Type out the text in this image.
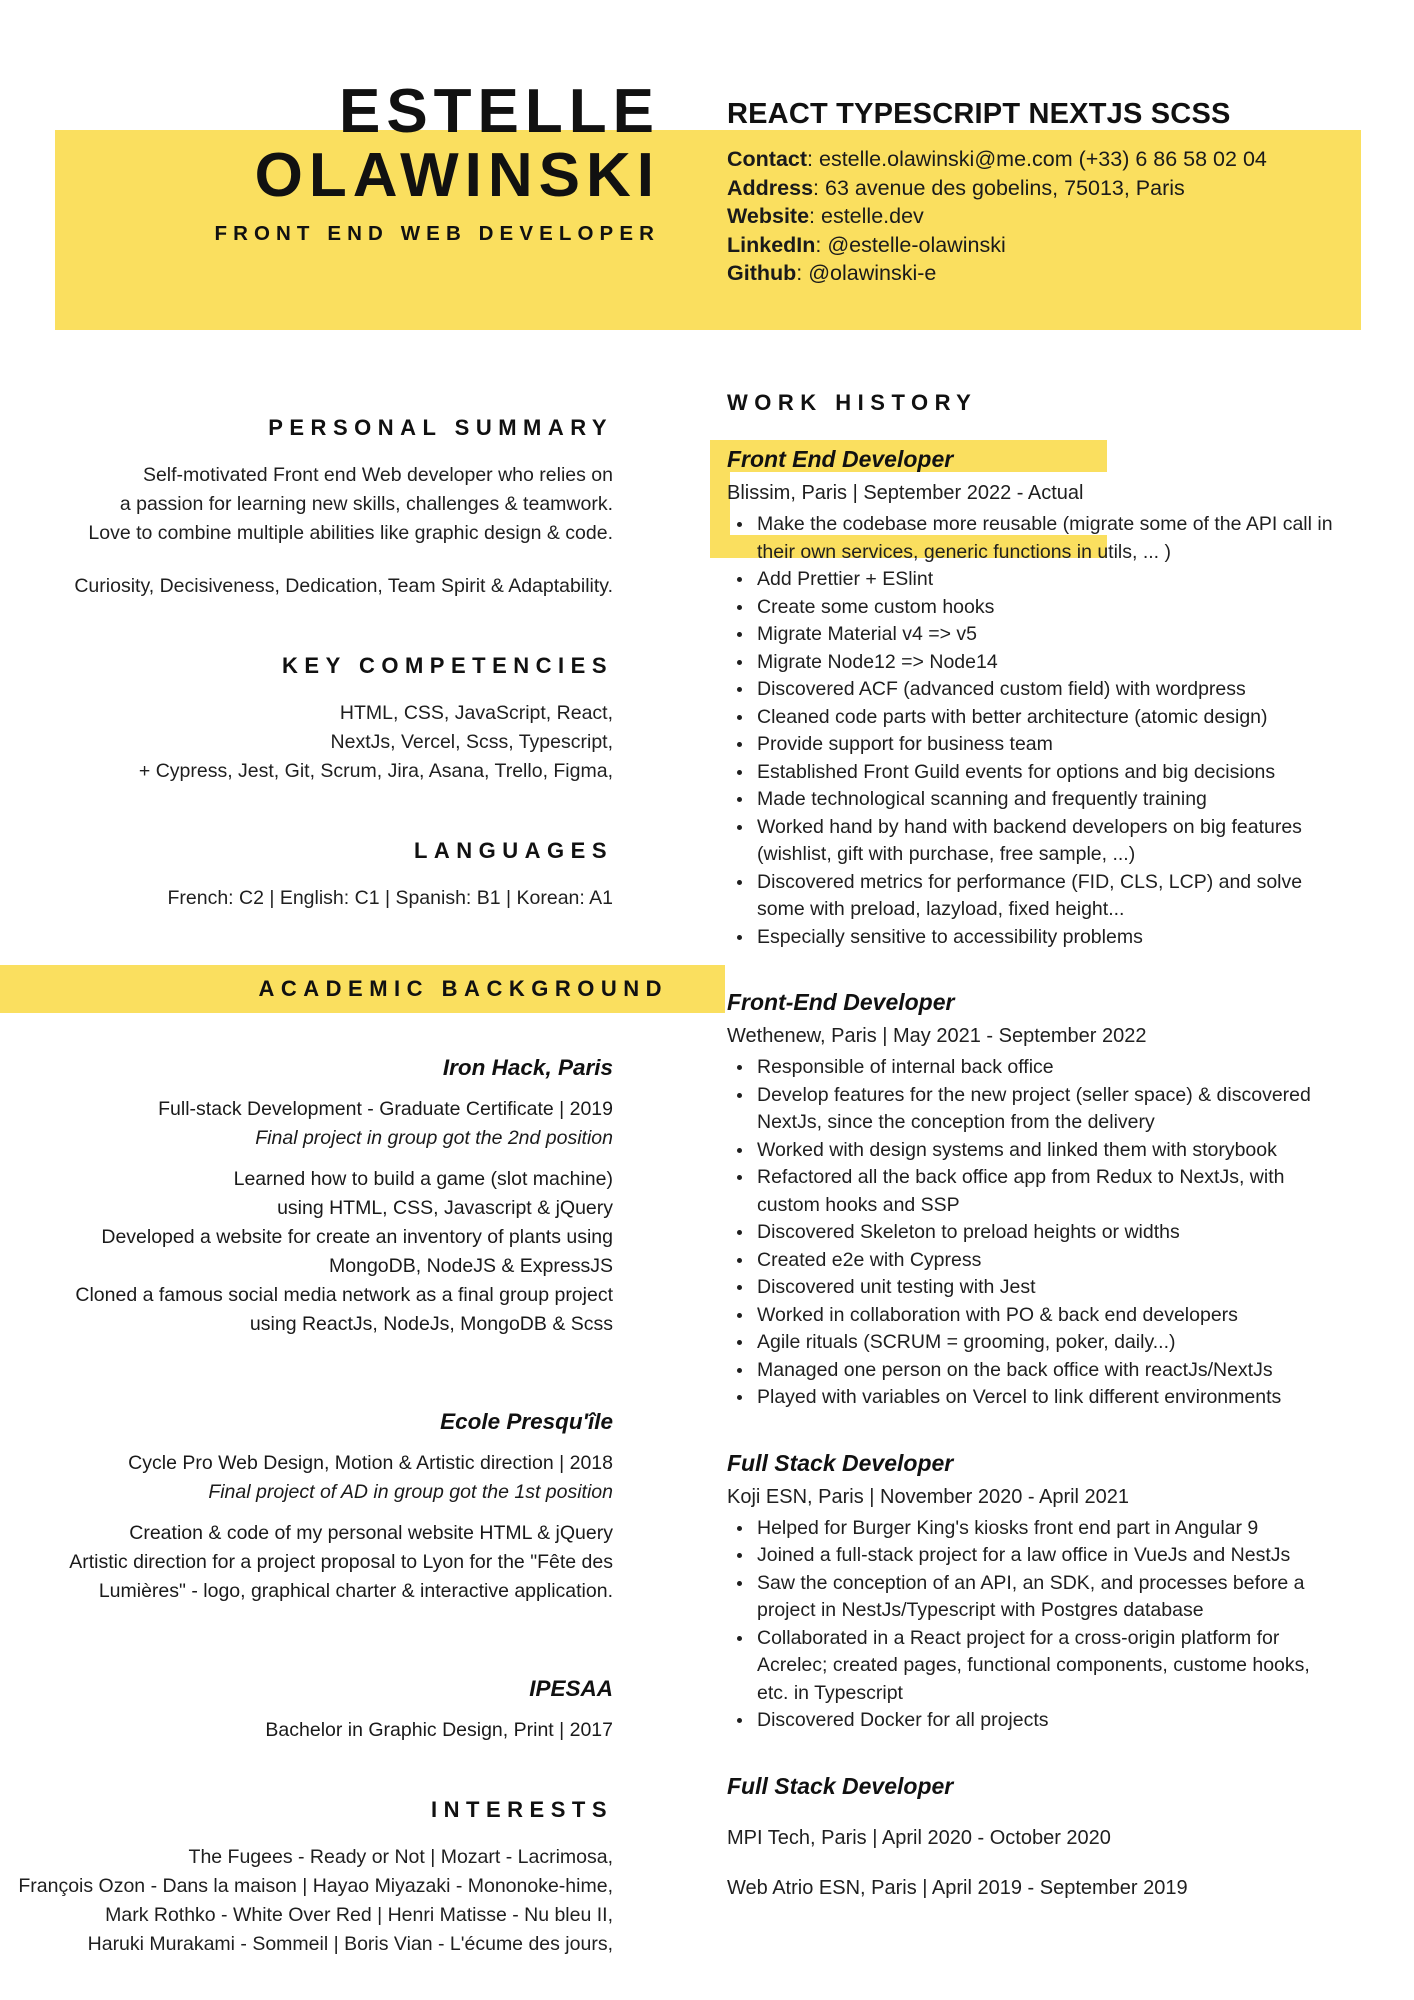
ESTELLE
OLAWINSKI
FRONT END WEB DEVELOPER
REACT TYPESCRIPT NEXTJS SCSS
Contact: estelle.olawinski@me.com (+33) 6 86 58 02 04
Address: 63 avenue des gobelins, 75013, Paris
Website: estelle.dev
LinkedIn: @estelle-olawinski
Github: @olawinski-e
PERSONAL SUMMARY

Self-motivated Front end Web developer who relies on

a passion for learning new skills, challenges & teamwork.

Love to combine multiple abilities like graphic design & code.

Curiosity, Decisiveness, Dedication, Team Spirit & Adaptability.

KEY COMPETENCIES

HTML, CSS, JavaScript, React,

NextJs, Vercel, Scss, Typescript,

+ Cypress, Jest, Git, Scrum, Jira, Asana, Trello, Figma,

LANGUAGES

French: C2 | English: C1 | Spanish: B1 | Korean: A1

ACADEMIC BACKGROUND
Iron Hack, Paris
Full-stack Development - Graduate Certificate | 2019
Final project in group got the 2nd position
Learned how to build a game (slot machine)
using HTML, CSS, Javascript & jQuery
Developed a website for create an inventory of plants using
MongoDB, NodeJS & ExpressJS
Cloned a famous social media network as a final group project
using ReactJs, NodeJs, MongoDB & Scss
Ecole Presqu'île
Cycle Pro Web Design, Motion & Artistic direction | 2018
Final project of AD in group got the 1st position
Creation & code of my personal website HTML & jQuery
Artistic direction for a project proposal to Lyon for the "Fête des
Lumières" - logo, graphical charter & interactive application.
IPESAA
Bachelor in Graphic Design, Print | 2017
INTERESTS

The Fugees - Ready or Not | Mozart - Lacrimosa,

François Ozon - Dans la maison | Hayao Miyazaki - Mononoke-hime,

Mark Rothko - White Over Red | Henri Matisse - Nu bleu II,

Haruki Murakami - Sommeil | Boris Vian - L'écume des jours,

WORK HISTORY
Front End Developer
Blissim, Paris | September 2022 - Actual
Make the codebase more reusable (migrate some of the API call in their own services, generic functions in utils, ... )
Add Prettier + ESlint
Create some custom hooks
Migrate Material v4 => v5
Migrate Node12 => Node14
Discovered ACF (advanced custom field) with wordpress
Cleaned code parts with better architecture (atomic design)
Provide support for business team
Established Front Guild events for options and big decisions
Made technological scanning and frequently training
Worked hand by hand with backend developers on big features (wishlist, gift with purchase, free sample, ...)
Discovered metrics for performance (FID, CLS, LCP) and solve some with preload, lazyload, fixed height...
Especially sensitive to accessibility problems
Front-End Developer
Wethenew, Paris | May 2021 - September 2022
Responsible of internal back office
Develop features for the new project (seller space) & discovered NextJs, since the conception from the delivery
Worked with design systems and linked them with storybook
Refactored all the back office app from Redux to NextJs, with custom hooks and SSP
Discovered Skeleton to preload heights or widths
Created e2e with Cypress
Discovered unit testing with Jest
Worked in collaboration with PO & back end developers
Agile rituals (SCRUM = grooming, poker, daily...)
Managed one person on the back office with reactJs/NextJs
Played with variables on Vercel to link different environments
Full Stack Developer
Koji ESN, Paris | November 2020 - April 2021
Helped for Burger King's kiosks front end part in Angular 9
Joined a full-stack project for a law office in VueJs and NestJs
Saw the conception of an API, an SDK, and processes before a project in NestJs/Typescript with Postgres database
Collaborated in a React project for a cross-origin platform for Acrelec; created pages, functional components, custome hooks, etc. in Typescript
Discovered Docker for all projects
Full Stack Developer
MPI Tech, Paris | April 2020 - October 2020
Web Atrio ESN, Paris | April 2019 - September 2019
